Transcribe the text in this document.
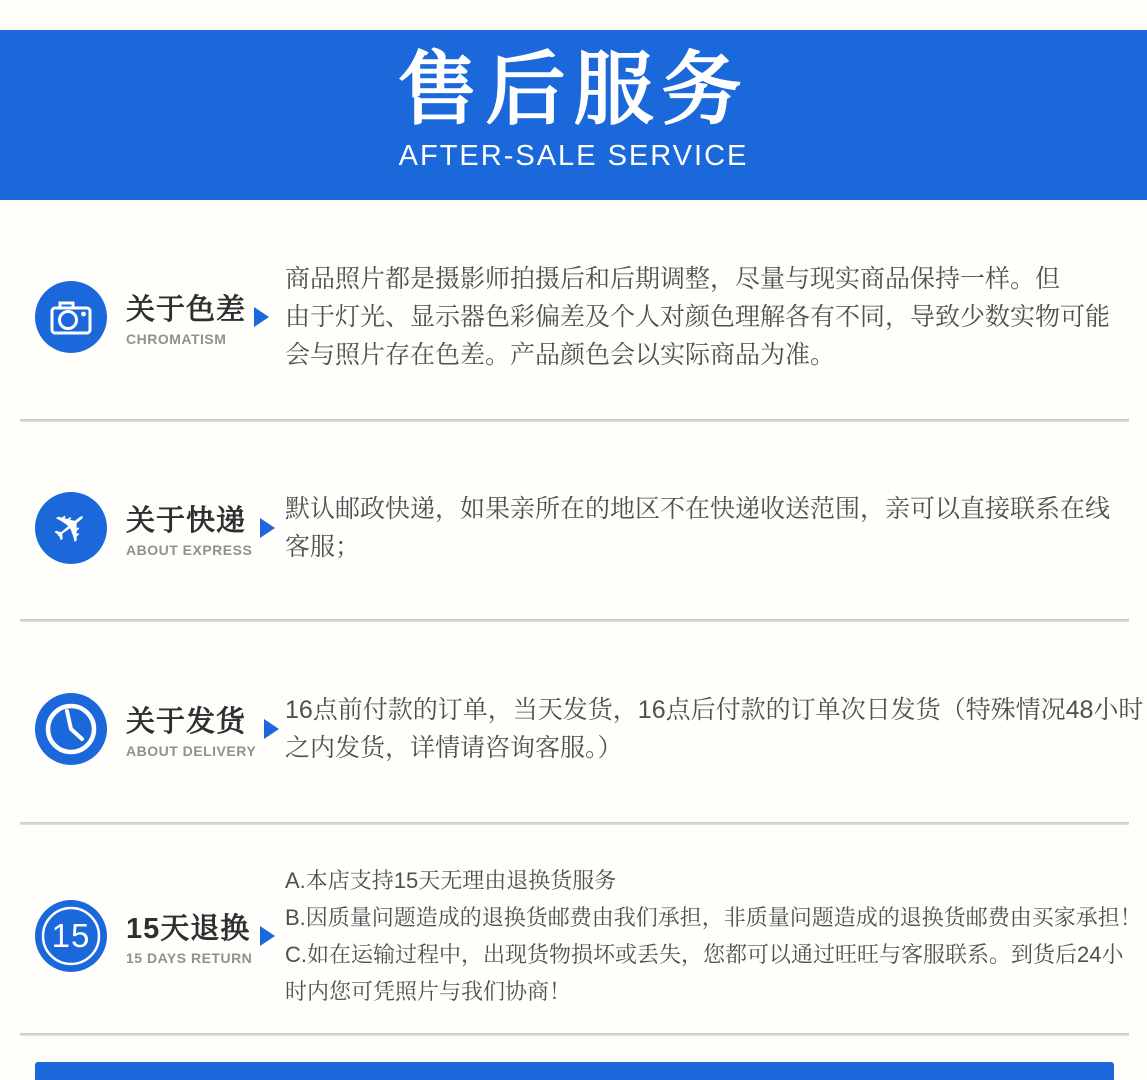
售后服务
AFTER-SALE SERVICE
关于色差
CHROMATISM
商品照片都是摄影师拍摄后和后期调整，尽量与现实商品保持一样。但
由于灯光、显示器色彩偏差及个人对颜色理解各有不同，导致少数实物可能
会与照片存在色差。产品颜色会以实际商品为准。
✈ 关于快递
ABOUT EXPRESS
默认邮政快递，如果亲所在的地区不在快递收送范围，亲可以直接联系在线
客服；
关于发货
ABOUT DELIVERY
16点前付款的订单，当天发货，16点后付款的订单次日发货（特殊情况48小时
之内发货，详情请咨询客服。）
15	15天退换
15 DAYS RETURN
A.本店支持15天无理由退换货服务
B.因质量问题造成的退换货邮费由我们承担，非质量问题造成的退换货邮费由买家承担！
C.如在运输过程中，出现货物损坏或丢失，您都可以通过旺旺与客服联系。到货后24小
时内您可凭照片与我们协商！
